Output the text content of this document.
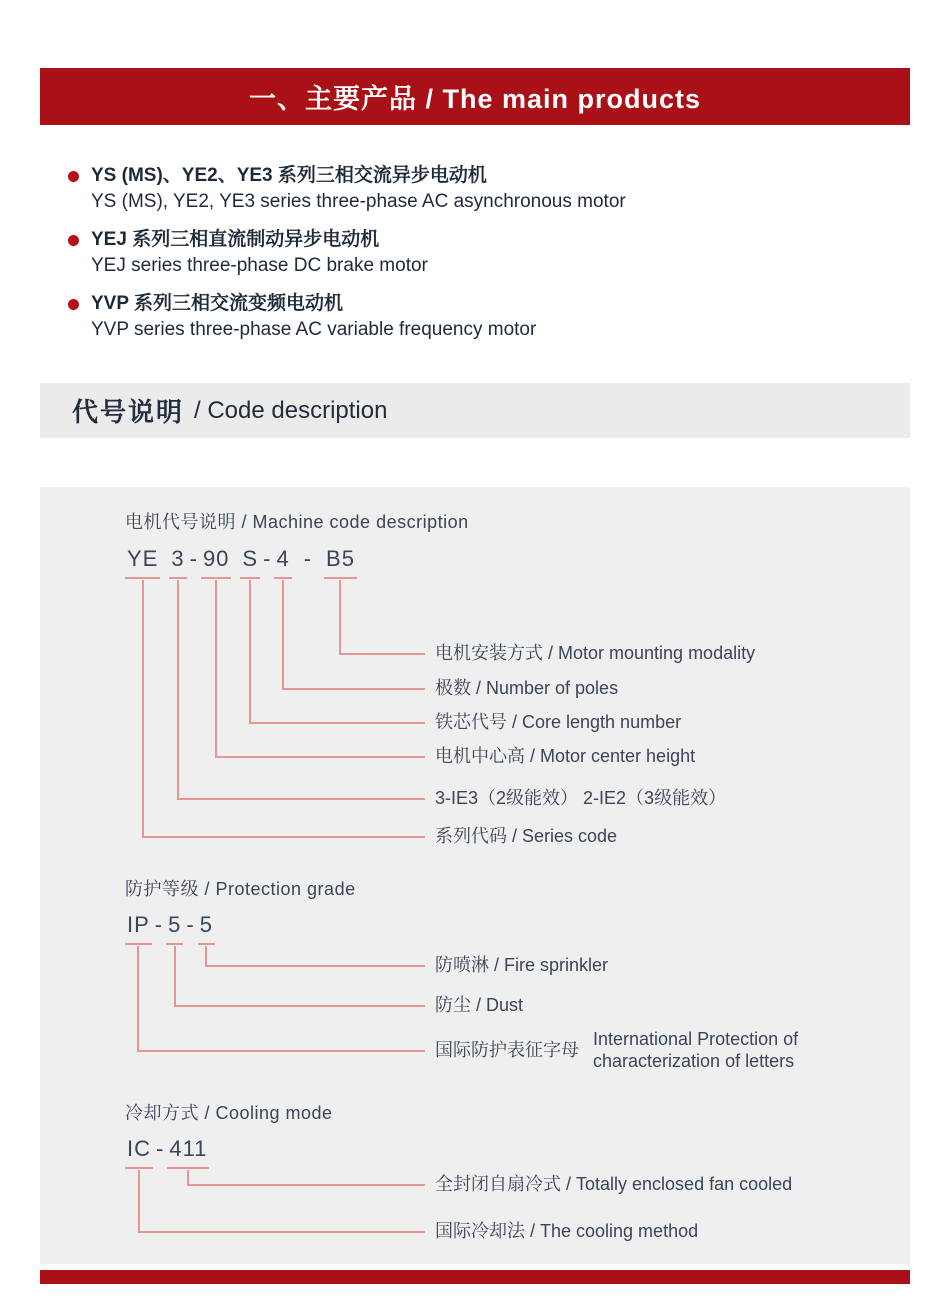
一、主要产品 / The main products
YS (MS)、YE2、YE3 系列三相交流异步电动机
YS (MS), YE2, YE3 series three-phase AC asynchronous motor
YEJ 系列三相直流制动异步电动机
YEJ series three-phase DC brake motor
YVP 系列三相交流变频电动机
YVP series three-phase AC variable frequency motor
代号说明 / Code description
电机代号说明 / Machine code description
防护等级 / Protection grade
冷却方式 / Cooling mode
YE 3 - 90 S - 4 - B5
电机安装方式 / Motor mounting modality
极数 / Number of poles
铁芯代号 / Core length number
电机中心高 / Motor center height
3-IE3（2级能效） 2-IE2（3级能效）
系列代码 / Series code
IP - 5 - 5
防喷淋 / Fire sprinkler
防尘 / Dust
国际防护表征字母
International Protection of
characterization of letters
IC - 411
全封闭自扇冷式 / Totally enclosed fan cooled
国际冷却法 / The cooling method
